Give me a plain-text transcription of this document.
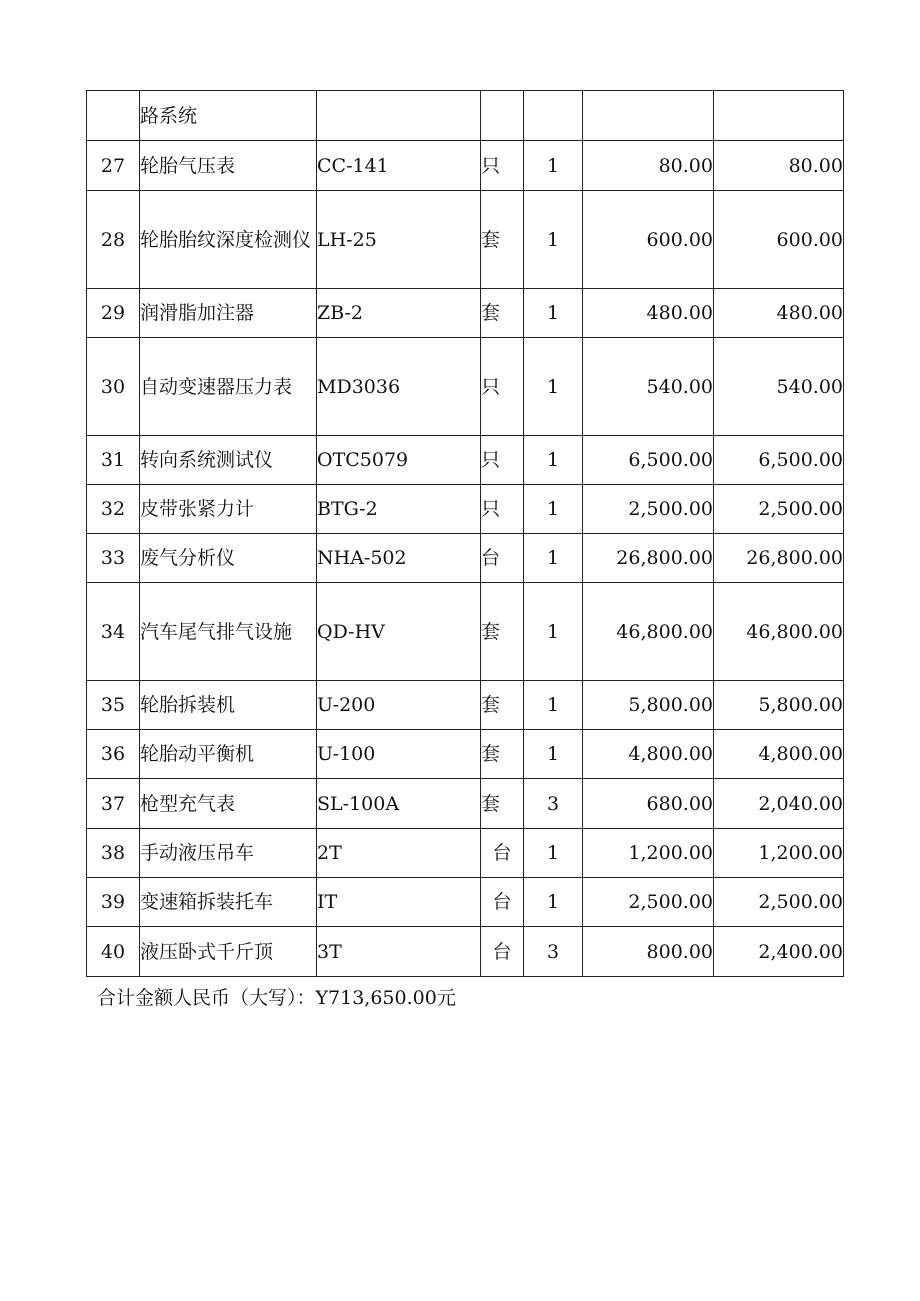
	路系统					
27	轮胎气压表	CC-141	只	1	80.00	80.00
28	轮胎胎纹深度检测仪	LH-25	套	1	600.00	600.00
29	润滑脂加注器	ZB-2	套	1	480.00	480.00
30	自动变速器压力表	MD3036	只	1	540.00	540.00
31	转向系统测试仪	OTC5079	只	1	6,500.00	6,500.00
32	皮带张紧力计	BTG-2	只	1	2,500.00	2,500.00
33	废气分析仪	NHA-502	台	1	26,800.00	26,800.00
34	汽车尾气排气设施	QD-HV	套	1	46,800.00	46,800.00
35	轮胎拆装机	U-200	套	1	5,800.00	5,800.00
36	轮胎动平衡机	U-100	套	1	4,800.00	4,800.00
37	枪型充气表	SL-100A	套	3	680.00	2,040.00
38	手动液压吊车	2T	台	1	1,200.00	1,200.00
39	变速箱拆装托车	IT	台	1	2,500.00	2,500.00
40	液压卧式千斤顶	3T	台	3	800.00	2,400.00
合计金额人民币（大写）：Y713,650.00元
